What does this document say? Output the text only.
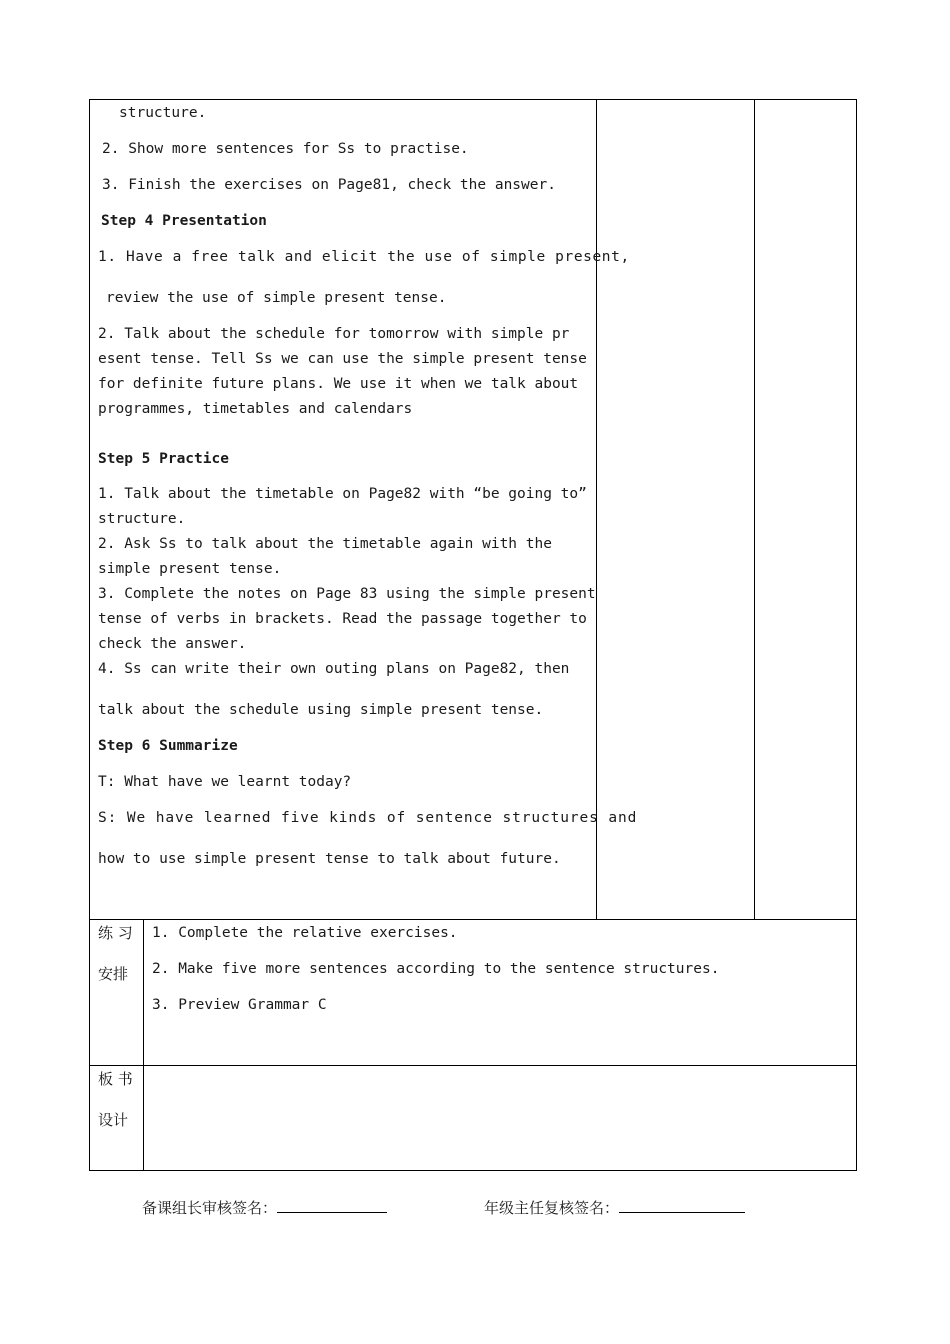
structure.
2. Show more sentences for Ss to practise.
3. Finish the exercises on Page81, check the answer.
Step 4 Presentation
1. Have a free talk and elicit the use of simple present,
review the use of simple present tense.
2. Talk about the schedule for tomorrow with simple pr
esent tense. Tell Ss we can use the simple present tense
for definite future plans. We use it when we talk about
programmes, timetables and calendars
Step 5 Practice
1. Talk about the timetable on Page82 with “be going to”
structure.
2. Ask Ss to talk about the timetable again with the
simple present tense.
3. Complete the notes on Page 83 using the simple present
tense of verbs in brackets. Read the passage together to
check the answer.
4. Ss can write their own outing plans on Page82, then
talk about the schedule using simple present tense.
Step 6 Summarize
T: What have we learnt today?
S: We have learned five kinds of sentence structures and
how to use simple present tense to talk about future.
练 习
安排
1. Complete the relative exercises.
2. Make five more sentences according to the sentence structures.
3. Preview Grammar C
板 书
设计
备课组长审核签名：	年级主任复核签名：
